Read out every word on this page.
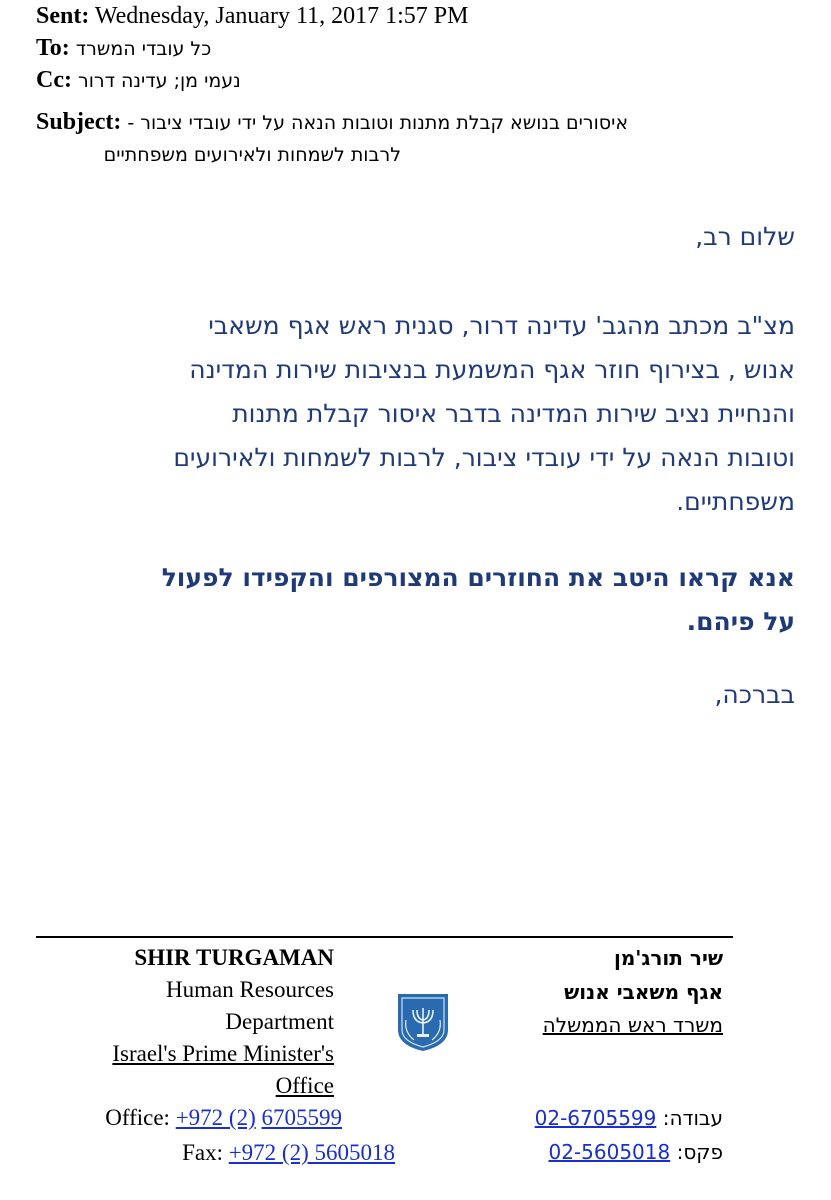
Sent: Wednesday, January 11, 2017 1:57 PM
To: כל עובדי המשרד
Cc: נעמי מן; עדינה דרור
Subject: איסורים בנושא קבלת מתנות וטובות הנאה על ידי עובדי ציבור -
לרבות לשמחות ולאירועים משפחתיים
שלום רב,
מצ"ב מכתב מהגב' עדינה דרור, סגנית ראש אגף משאבי
אנוש , בצירוף חוזר אגף המשמעת בנציבות שירות המדינה
והנחיית נציב שירות המדינה בדבר איסור קבלת מתנות
וטובות הנאה על ידי עובדי ציבור, לרבות לשמחות ולאירועים
משפחתיים.
אנא קראו היטב את החוזרים המצורפים והקפידו לפעול
על פיהם.
בברכה,
SHIR TURGAMAN
Human Resources
Department
Israel's Prime Minister's
Office
Office: +972 (2) 6705599
Fax: +972 (2) 5605018
שיר תורג'מן
אגף משאבי אנוש
משרד ראש הממשלה
עבודה: 02-6705599
פקס: 02-5605018
